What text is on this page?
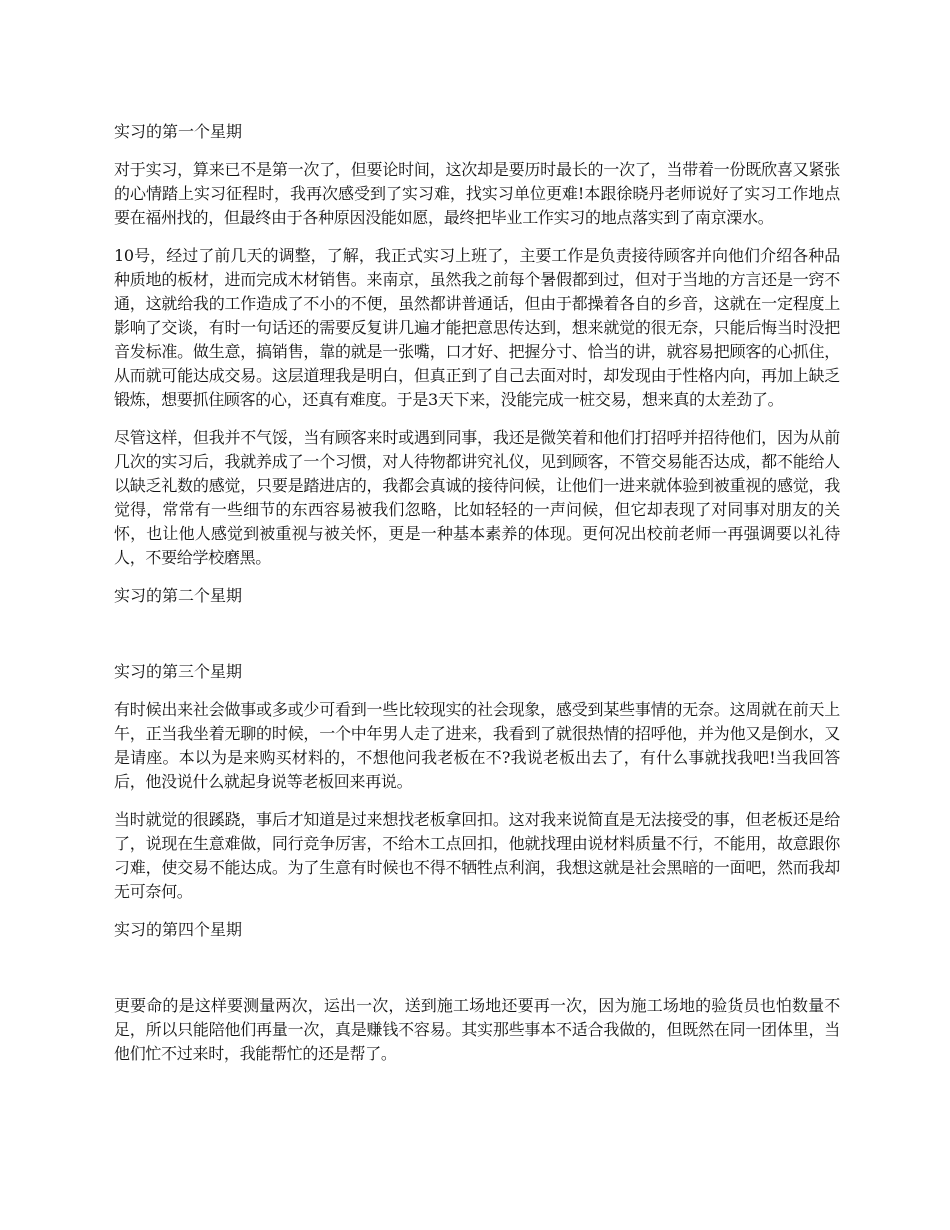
实习的第一个星期

对于实习，算来已不是第一次了，但要论时间，这次却是要历时最长的一次了，当带着一份既欣喜又紧张的心情踏上实习征程时，我再次感受到了实习难，找实习单位更难!本跟徐晓丹老师说好了实习工作地点要在福州找的，但最终由于各种原因没能如愿，最终把毕业工作实习的地点落实到了南京溧水。

10号，经过了前几天的调整，了解，我正式实习上班了，主要工作是负责接待顾客并向他们介绍各种品种质地的板材，进而完成木材销售。来南京，虽然我之前每个暑假都到过，但对于当地的方言还是一窍不通，这就给我的工作造成了不小的不便，虽然都讲普通话，但由于都操着各自的乡音，这就在一定程度上影响了交谈，有时一句话还的需要反复讲几遍才能把意思传达到，想来就觉的很无奈，只能后悔当时没把音发标准。做生意，搞销售，靠的就是一张嘴，口才好、把握分寸、恰当的讲，就容易把顾客的心抓住，从而就可能达成交易。这层道理我是明白，但真正到了自己去面对时，却发现由于性格内向，再加上缺乏锻炼，想要抓住顾客的心，还真有难度。于是3天下来，没能完成一桩交易，想来真的太差劲了。

尽管这样，但我并不气馁，当有顾客来时或遇到同事，我还是微笑着和他们打招呼并招待他们，因为从前几次的实习后，我就养成了一个习惯，对人待物都讲究礼仪，见到顾客，不管交易能否达成，都不能给人以缺乏礼数的感觉，只要是踏进店的，我都会真诚的接待问候，让他们一进来就体验到被重视的感觉，我觉得，常常有一些细节的东西容易被我们忽略，比如轻轻的一声问候，但它却表现了对同事对朋友的关怀，也让他人感觉到被重视与被关怀，更是一种基本素养的体现。更何况出校前老师一再强调要以礼待人，不要给学校磨黑。

实习的第二个星期

实习的第三个星期

有时候出来社会做事或多或少可看到一些比较现实的社会现象，感受到某些事情的无奈。这周就在前天上午，正当我坐着无聊的时候，一个中年男人走了进来，我看到了就很热情的招呼他，并为他又是倒水，又是请座。本以为是来购买材料的，不想他问我老板在不?我说老板出去了，有什么事就找我吧!当我回答后，他没说什么就起身说等老板回来再说。

当时就觉的很蹊跷，事后才知道是过来想找老板拿回扣。这对我来说简直是无法接受的事，但老板还是给了，说现在生意难做，同行竞争厉害，不给木工点回扣，他就找理由说材料质量不行，不能用，故意跟你刁难，使交易不能达成。为了生意有时候也不得不牺牲点利润，我想这就是社会黑暗的一面吧，然而我却无可奈何。

实习的第四个星期

更要命的是这样要测量两次，运出一次，送到施工场地还要再一次，因为施工场地的验货员也怕数量不足，所以只能陪他们再量一次，真是赚钱不容易。其实那些事本不适合我做的，但既然在同一团体里，当他们忙不过来时，我能帮忙的还是帮了。
